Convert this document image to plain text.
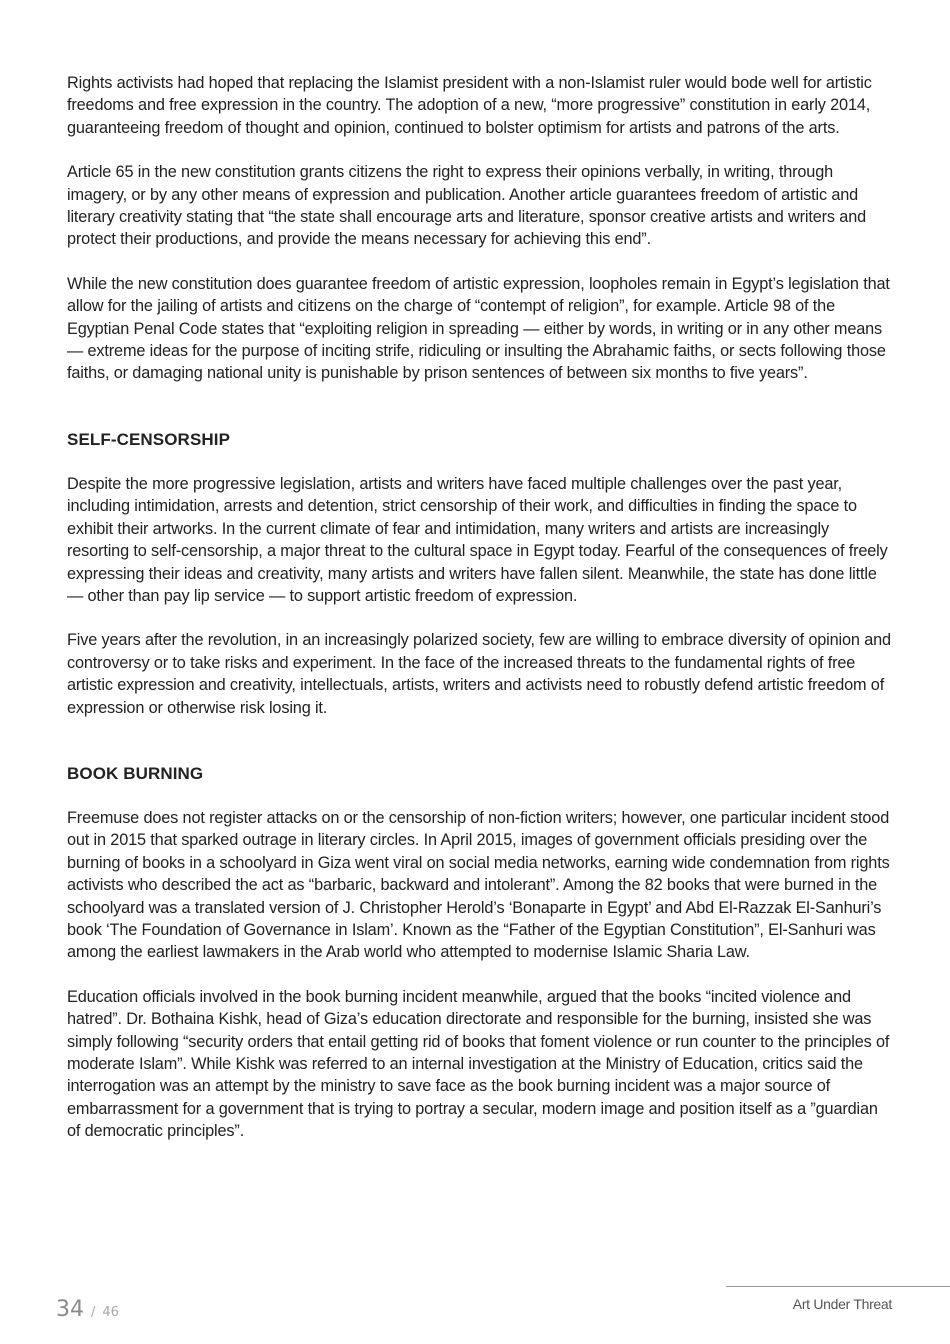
Rights activists had hoped that replacing the Islamist president with a non-Islamist ruler would bode well for artistic freedoms and free expression in the country. The adoption of a new, “more progressive” constitution in early 2014, guaranteeing freedom of thought and opinion, continued to bolster optimism for artists and patrons of the arts.

Article 65 in the new constitution grants citizens the right to express their opinions verbally, in writing, through imagery, or by any other means of expression and publication. Another article guarantees freedom of artistic and literary creativity stating that “the state shall encourage arts and literature, sponsor creative artists and writers and protect their productions, and provide the means necessary for achieving this end”.

While the new constitution does guarantee freedom of artistic expression, loopholes remain in Egypt’s legislation that allow for the jailing of artists and citizens on the charge of “contempt of religion”, for example. Article 98 of the Egyptian Penal Code states that “exploiting religion in spreading — either by words, in writing or in any other means — extreme ideas for the purpose of inciting strife, ridiculing or insulting the Abrahamic faiths, or sects following those faiths, or damaging national unity is punishable by prison sentences of between six months to five years”.

SELF-CENSORSHIP

Despite the more progressive legislation, artists and writers have faced multiple challenges over the past year, including intimidation, arrests and detention, strict censorship of their work, and difficulties in finding the space to exhibit their artworks. In the current climate of fear and intimidation, many writers and artists are increasingly resorting to self-censorship, a major threat to the cultural space in Egypt today. Fearful of the consequences of freely expressing their ideas and creativity, many artists and writers have fallen silent. Meanwhile, the state has done little — other than pay lip service — to support artistic freedom of expression.

Five years after the revolution, in an increasingly polarized society, few are willing to embrace diversity of opinion and controversy or to take risks and experiment. In the face of the increased threats to the fundamental rights of free artistic expression and creativity, intellectuals, artists, writers and activists need to robustly defend artistic freedom of expression or otherwise risk losing it.

BOOK BURNING

Freemuse does not register attacks on or the censorship of non-fiction writers; however, one particular incident stood out in 2015 that sparked outrage in literary circles. In April 2015, images of government officials presiding over the burning of books in a schoolyard in Giza went viral on social media networks, earning wide condemnation from rights activists who described the act as “barbaric, backward and intolerant”. Among the 82 books that were burned in the schoolyard was a translated version of J. Christopher Herold’s ‘Bonaparte in Egypt’ and Abd El-Razzak El-Sanhuri’s book ‘The Foundation of Governance in Islam’. Known as the “Father of the Egyptian Constitution”, El-Sanhuri was among the earliest lawmakers in the Arab world who attempted to modernise Islamic Sharia Law.

Education officials involved in the book burning incident meanwhile, argued that the books “incited violence and hatred”. Dr. Bothaina Kishk, head of Giza’s education directorate and responsible for the burning, insisted she was simply following “security orders that entail getting rid of books that foment violence or run counter to the principles of moderate Islam”. While Kishk was referred to an internal investigation at the Ministry of Education, critics said the interrogation was an attempt by the ministry to save face as the book burning incident was a major source of embarrassment for a government that is trying to portray a secular, modern image and position itself as a ”guardian of democratic principles”.

34 / 46
Art Under Threat
